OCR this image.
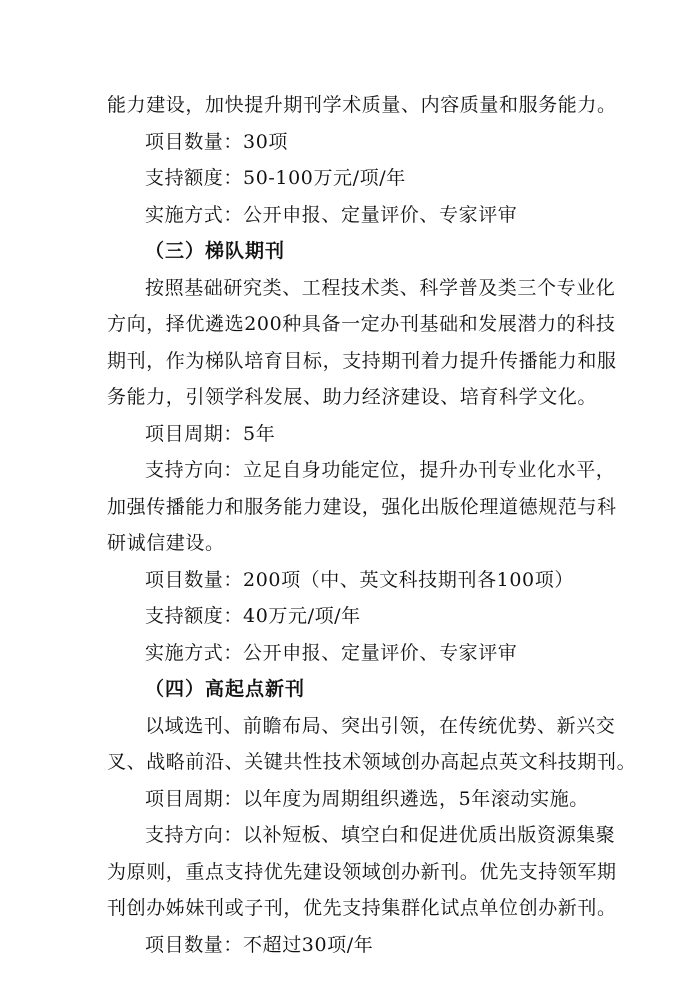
能力建设，加快提升期刊学术质量、内容质量和服务能力。
项目数量：30项
支持额度：50-100万元/项/年
实施方式：公开申报、定量评价、专家评审
（三）梯队期刊
按照基础研究类、工程技术类、科学普及类三个专业化
方向，择优遴选200种具备一定办刊基础和发展潜力的科技
期刊，作为梯队培育目标，支持期刊着力提升传播能力和服
务能力，引领学科发展、助力经济建设、培育科学文化。
项目周期：5年
支持方向：立足自身功能定位，提升办刊专业化水平，
加强传播能力和服务能力建设，强化出版伦理道德规范与科
研诚信建设。
项目数量：200项（中、英文科技期刊各100项）
支持额度：40万元/项/年
实施方式：公开申报、定量评价、专家评审
（四）高起点新刊
以域选刊、前瞻布局、突出引领，在传统优势、新兴交
叉、战略前沿、关键共性技术领域创办高起点英文科技期刊。
项目周期：以年度为周期组织遴选，5年滚动实施。
支持方向：以补短板、填空白和促进优质出版资源集聚
为原则，重点支持优先建设领域创办新刊。优先支持领军期
刊创办姊妹刊或子刊，优先支持集群化试点单位创办新刊。
项目数量：不超过30项/年
